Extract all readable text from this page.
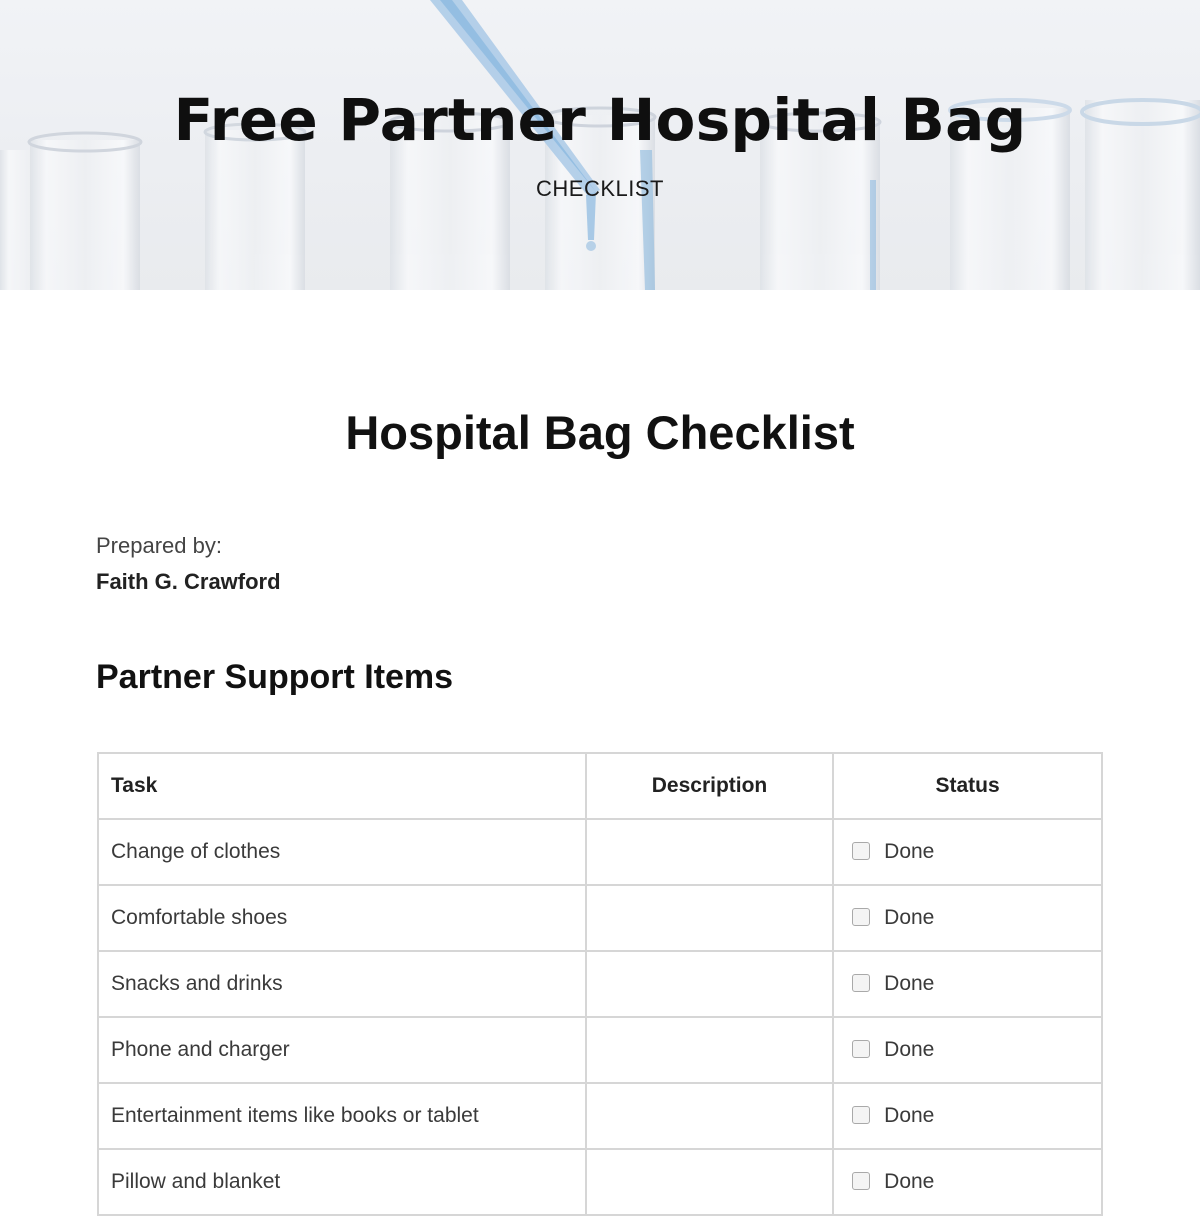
Free Partner Hospital Bag
CHECKLIST
Hospital Bag Checklist
Prepared by:
Faith G. Crawford
Partner Support Items
Task	Description	Status
Change of clothes		Done
Comfortable shoes		Done
Snacks and drinks		Done
Phone and charger		Done
Entertainment items like books or tablet		Done
Pillow and blanket		Done
